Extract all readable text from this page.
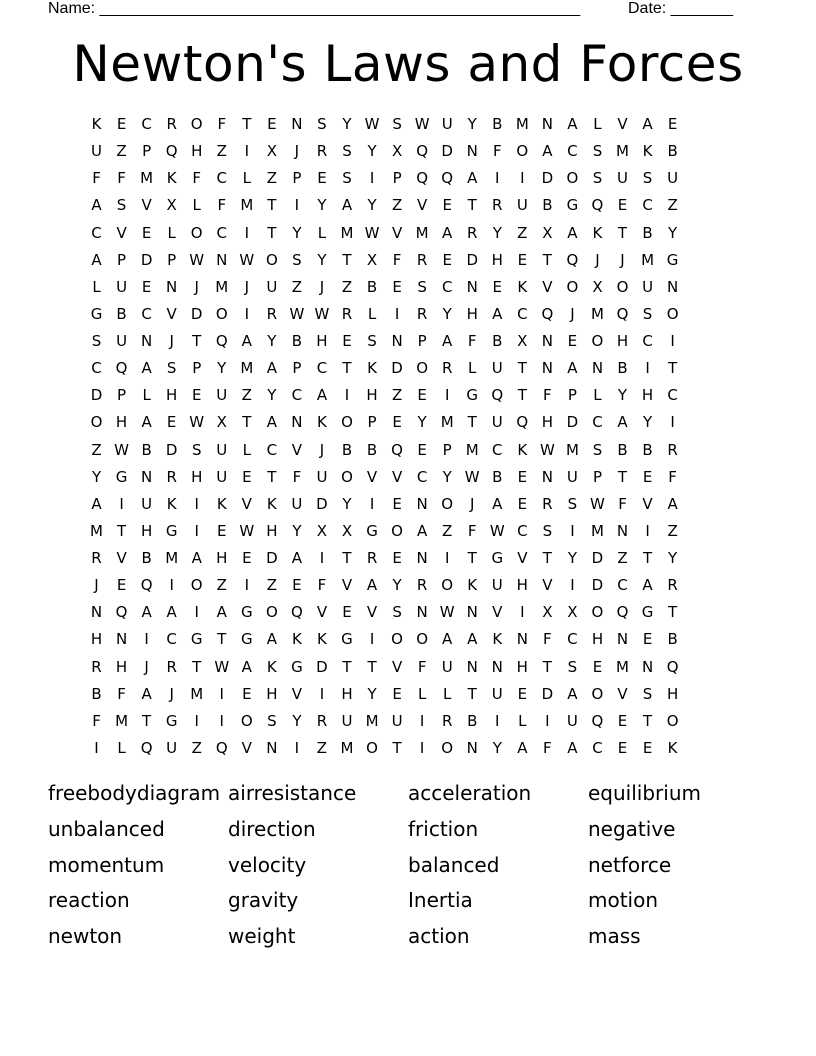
Name: ______________________________________________________	Date: _______
Newton's Laws and Forces
K E C R O F T E N S Y W S W U Y B M N A L V A E
U Z P Q H Z I X J R S Y X Q D N F O A C S M K B
F F M K F C L Z P E S I P Q Q A I I D O S U S U
A S V X L F M T I Y A Y Z V E T R U B G Q E C Z
C V E L O C I T Y L M W V M A R Y Z X A K T B Y
A P D P W N W O S Y T X F R E D H E T Q J J M G
L U E N J M J U Z J Z B E S C N E K V O X O U N
G B C V D O I R W W R L I R Y H A C Q J M Q S O
S U N J T Q A Y B H E S N P A F B X N E O H C I
C Q A S P Y M A P C T K D O R L U T N A N B I T
D P L H E U Z Y C A I H Z E I G Q T F P L Y H C
O H A E W X T A N K O P E Y M T U Q H D C A Y I
Z W B D S U L C V J B B Q E P M C K W M S B B R
Y G N R H U E T F U O V V C Y W B E N U P T E F
A I U K I K V K U D Y I E N O J A E R S W F V A
M T H G I E W H Y X X G O A Z F W C S I M N I Z
R V B M A H E D A I T R E N I T G V T Y D Z T Y
J E Q I O Z I Z E F V A Y R O K U H V I D C A R
N Q A A I A G O Q V E V S N W N V I X X O Q G T
H N I C G T G A K K G I O O A A K N F C H N E B
R H J R T W A K G D T T V F U N N H T S E M N Q
B F A J M I E H V I H Y E L L T U E D A O V S H
F M T G I I O S Y R U M U I R B I L I U Q E T O
I L Q U Z Q V N I Z M O T I O N Y A F A C E E K
freebodydiagram
unbalanced
momentum
reaction
newton
airresistance
direction
velocity
gravity
weight
acceleration
friction
balanced
Inertia
action
equilibrium
negative
netforce
motion
mass
